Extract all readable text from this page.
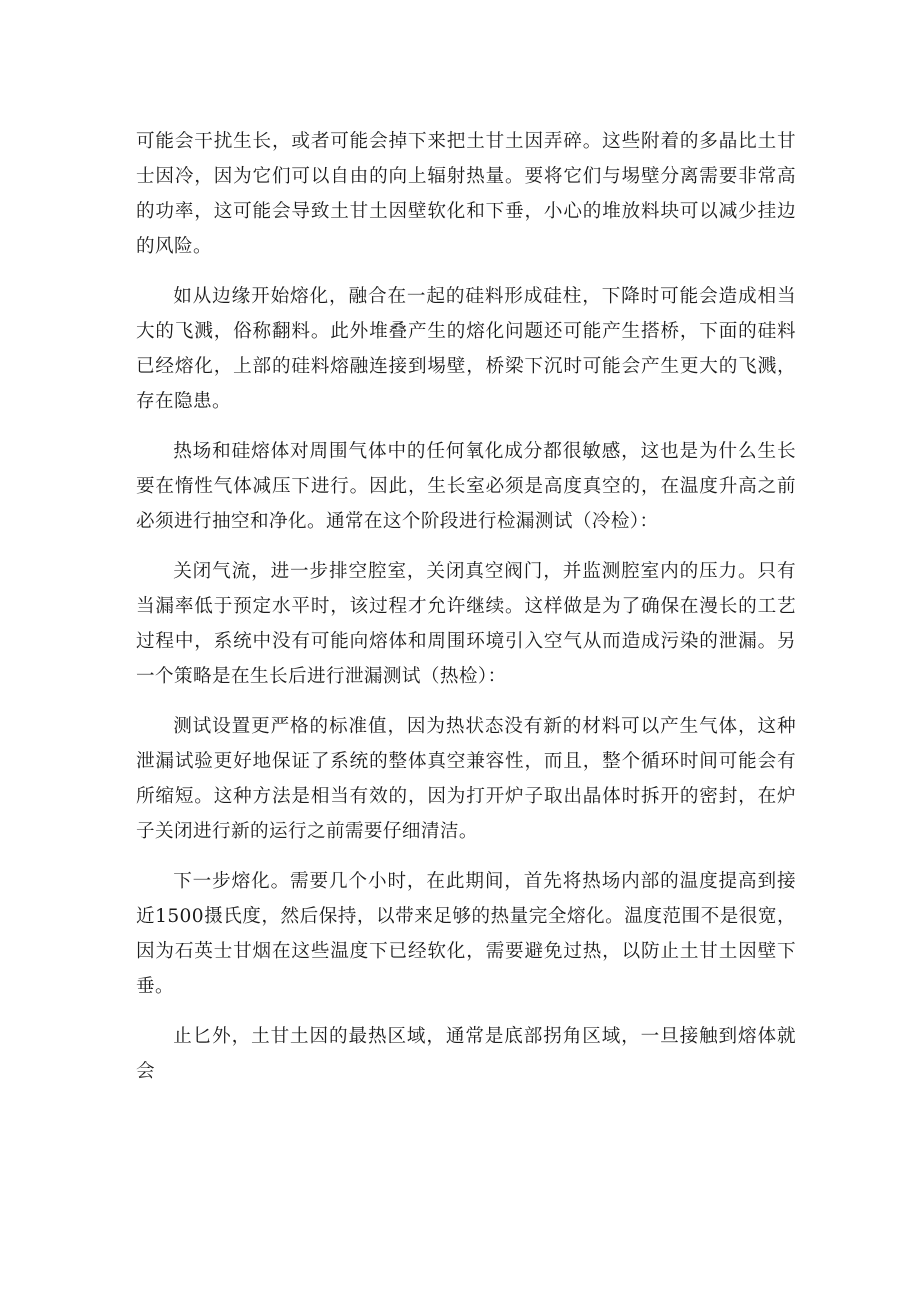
可能会干扰生长，或者可能会掉下来把土甘土因弄碎。这些附着的多晶比土甘士因冷，因为它们可以自由的向上辐射热量。要将它们与埸壁分离需要非常高的功率，这可能会导致土甘土因壁软化和下垂，小心的堆放料块可以减少挂边的风险。

如从边缘开始熔化，融合在一起的硅料形成硅柱，下降时可能会造成相当大的飞溅，俗称翻料。此外堆叠产生的熔化问题还可能产生搭桥，下面的硅料已经熔化，上部的硅料熔融连接到埸壁，桥梁下沉时可能会产生更大的飞溅，存在隐患。

热场和硅熔体对周围气体中的任何氧化成分都很敏感，这也是为什么生长要在惰性气体减压下进行。因此，生长室必须是高度真空的，在温度升高之前必须进行抽空和净化。通常在这个阶段进行检漏测试（冷检）：

关闭气流，进一步排空腔室，关闭真空阀门，并监测腔室内的压力。只有当漏率低于预定水平时，该过程才允许继续。这样做是为了确保在漫长的工艺过程中，系统中没有可能向熔体和周围环境引入空气从而造成污染的泄漏。另一个策略是在生长后进行泄漏测试（热检）：

测试设置更严格的标准值，因为热状态没有新的材料可以产生气体，这种泄漏试验更好地保证了系统的整体真空兼容性，而且，整个循环时间可能会有所缩短。这种方法是相当有效的，因为打开炉子取出晶体时拆开的密封，在炉子关闭进行新的运行之前需要仔细清洁。

下一步熔化。需要几个小时，在此期间，首先将热场内部的温度提高到接近1500摄氏度，然后保持，以带来足够的热量完全熔化。温度范围不是很宽，因为石英士甘烟在这些温度下已经软化，需要避免过热，以防止土甘土因壁下垂。

止匕外，土甘土因的最热区域，通常是底部拐角区域，一旦接触到熔体就会
